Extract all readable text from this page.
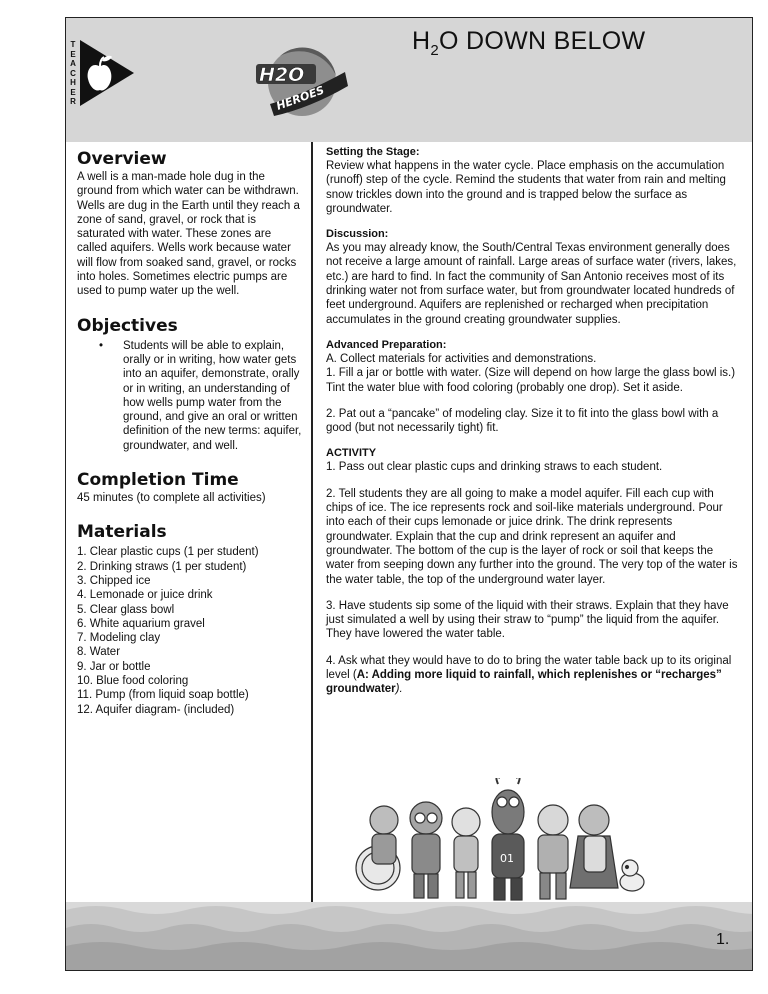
T
E
A
C
H
E
R
H2O
HEROES
$H_2O$ DOWN BELOW
Overview

A well is a man-made hole dug in the ground from which water can be withdrawn. Wells are dug in the Earth until they reach a zone of sand, gravel, or rock that is saturated with water. These zones are called aquifers. Wells work because water will flow from soaked sand, gravel, or rocks into holes. Sometimes electric pumps are used to pump water up the well.

Objectives
• Students will be able to explain, orally or in writing, how water gets into an aquifer, demonstrate, orally or in writing, an understanding of how wells pump water from the ground, and give an oral or written definition of the new terms: aquifer, groundwater, and well.
Completion Time

45 minutes (to complete all activities)

Materials
1. Clear plastic cups (1 per student)
2. Drinking straws (1 per student)
3. Chipped ice
4. Lemonade or juice drink
5. Clear glass bowl
6. White aquarium gravel
7. Modeling clay
8. Water
9. Jar or bottle
10. Blue food coloring
11. Pump (from liquid soap bottle)
12. Aquifer diagram- (included)

Setting the Stage:

Review what happens in the water cycle. Place emphasis on the accumulation (runoff) step of the cycle. Remind the students that water from rain and melting snow trickles down into the ground and is trapped below the surface as groundwater.

Discussion:

As you may already know, the South/Central Texas environment generally does not receive a large amount of rainfall. Large areas of surface water (rivers, lakes, etc.) are hard to find. In fact the community of San Antonio receives most of its drinking water not from surface water, but from groundwater located hundreds of feet underground. Aquifers are replenished or recharged when precipitation accumulates in the ground creating groundwater supplies.

Advanced Preparation:

A. Collect materials for activities and demonstrations.

1. Fill a jar or bottle with water. (Size will depend on how large the glass bowl is.) Tint the water blue with food coloring (probably one drop). Set it aside.

2. Pat out a “pancake” of modeling clay. Size it to fit into the glass bowl with a good (but not necessarily tight) fit.

ACTIVITY

1. Pass out clear plastic cups and drinking straws to each student.

2. Tell students they are all going to make a model aquifer. Fill each cup with chips of ice. The ice represents rock and soil-like materials underground. Pour into each of their cups lemonade or juice drink. The drink represents groundwater. Explain that the cup and drink represent an aquifer and groundwater. The bottom of the cup is the layer of rock or soil that keeps the water from seeping down any further into the ground. The very top of the water is the water table, the top of the underground water layer.

3. Have students sip some of the liquid with their straws. Explain that they have just simulated a well by using their straw to “pump” the liquid from the aquifer. They have lowered the water table.

4. Ask what they would have to do to bring the water table back up to its original level (A: Adding more liquid to rainfall, which replenishes or “recharges” groundwater).

01
1.
